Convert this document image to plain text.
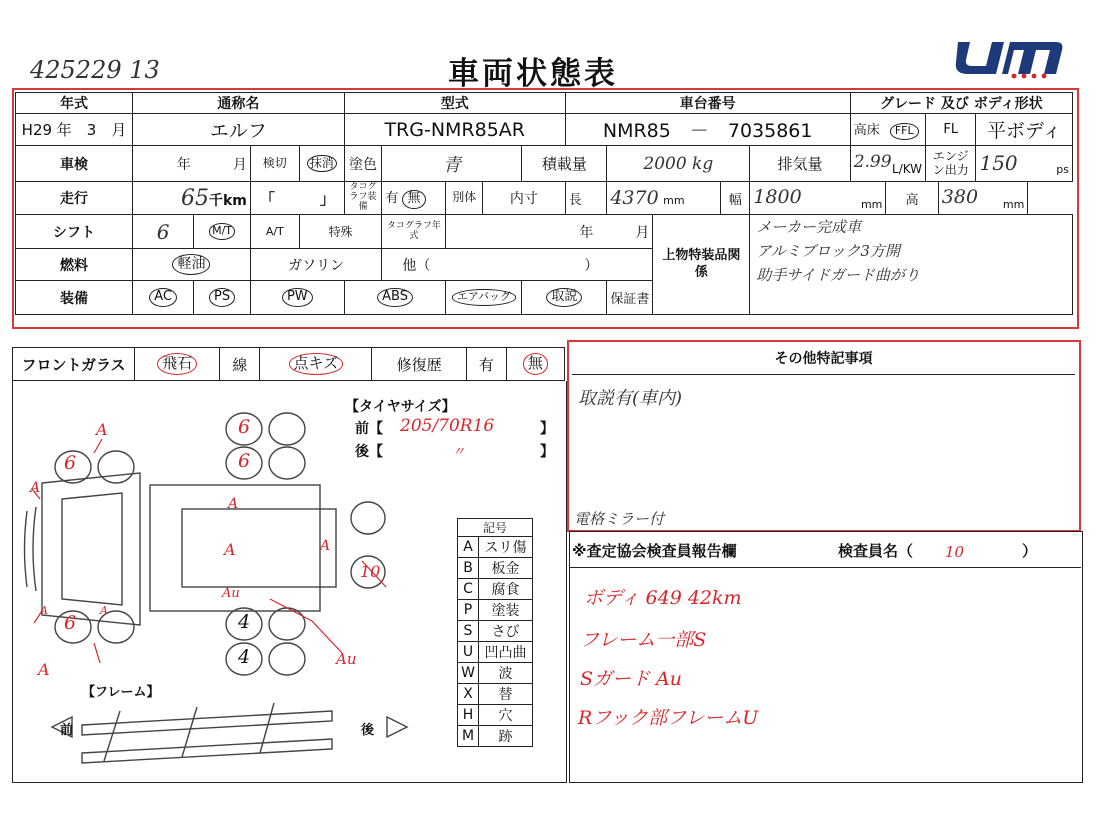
425229 13	車両状態表
年式	通称名				型式					車台番号					グレード 及び ボディ形状				
H29 年　3　月	エルフ				TRG-NMR85AR					NMR85　－　7035861					高床 FFL		FL		平ボディ
車検	年　　　月		検切	抹消	塗色	青			積載量		2000 kg			排気量	2.99 L/KW		エンジン出力		150 ps

走行	65千km		「　　　」		タコグラフ装備	有 無	別体	内寸		長	4370 mm		幅	1800 mm		高		380 mm	

シフト	6	M/T	A/T	特殊		タコグラフ年式	年　　　月					上物特装品関係		メーカー完成車
アルミブロック3方開
助手サイドガード曲がり					

燃料	軽油		ガソリン			他（　　　　　　　　　　　）													
装備	AC	PS	PW		ABS		エアバッグ		取説		保証書								
フロントガラス	飛石	線	点キズ	修復歴	有	無
【タイヤサイズ】
前【 205/70R16	】
後【	〃	】
6
6
6
6
4
4
10
A
A
A
A	A
A
A	A
Au
Au
【フレーム】
前	後
記号	
A	スリ傷
B	板金
C	腐食
P	塗装
S	さび
U	凹凸曲
W	波
X	替
H	穴
M	跡
その他特記事項
取説有(車内)
電格ミラー付
※査定協会検査員報告欄	検査員名（ 10	）
ボディ 649 42km
フレーム一部S
Sガード Au
Rフック部フレームU
